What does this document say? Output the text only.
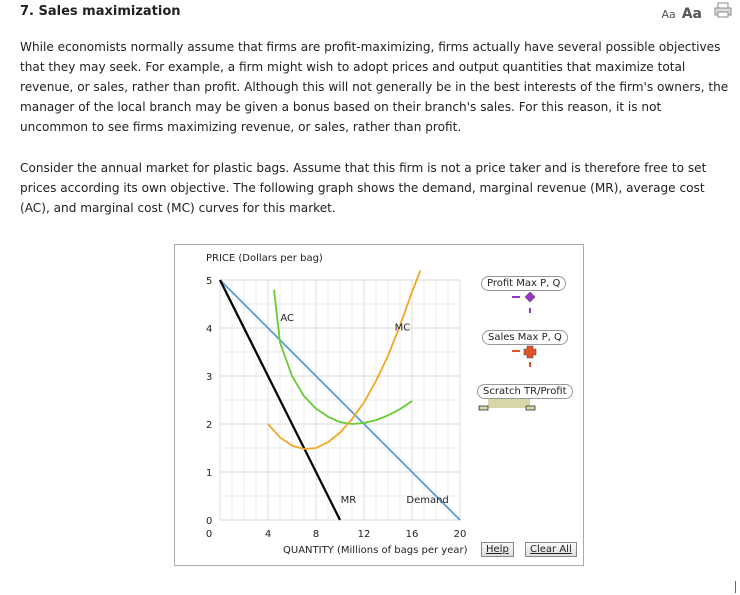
7. Sales maximization	Aa Aa

While economists normally assume that firms are profit-maximizing, firms actually have several possible objectives that they may seek. For example, a firm might wish to adopt prices and output quantities that maximize total revenue, or sales, rather than profit. Although this will not generally be in the best interests of the firm's owners, the manager of the local branch may be given a bonus based on their branch's sales. For this reason, it is not uncommon to see firms maximizing revenue, or sales, rather than profit.

Consider the annual market for plastic bags. Assume that this firm is not a price taker and is therefore free to set prices according its own objective. The following graph shows the demand, marginal revenue (MR), average cost (AC), and marginal cost (MC) curves for this market.

0
1
2
3
4
5
0	4	8	12	16	20
Demand
MR
AC
MC
PRICE (Dollars per bag)
QUANTITY (Millions of bags per year)
Profit Max P, Q
Sales Max P, Q
Scratch TR/Profit
Help	Clear All
